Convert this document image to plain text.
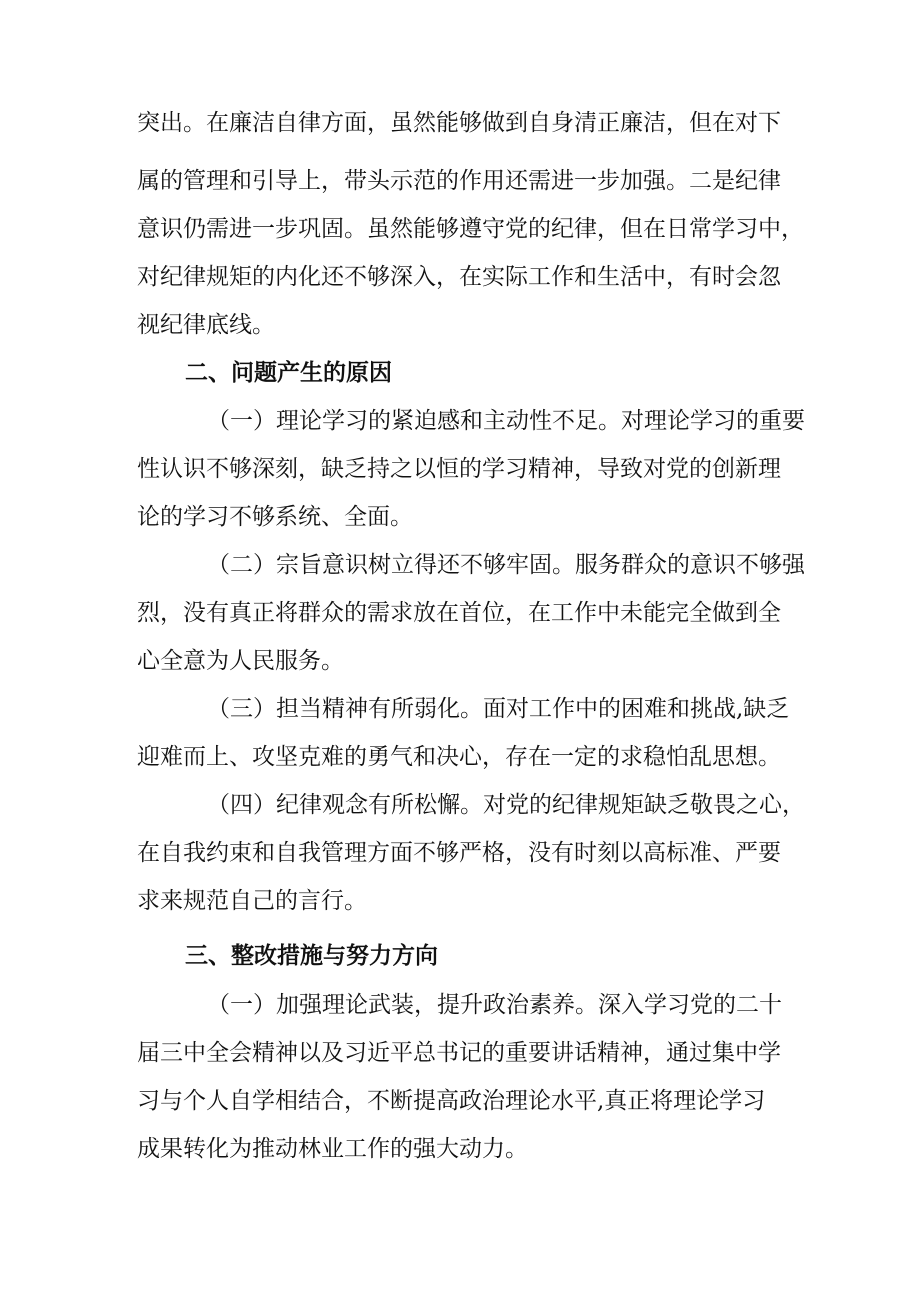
突出。在廉洁自律方面，虽然能够做到自身清正廉洁，但在对下
属的管理和引导上，带头示范的作用还需进一步加强。二是纪律
意识仍需进一步巩固。虽然能够遵守党的纪律，但在日常学习中，
对纪律规矩的内化还不够深入，在实际工作和生活中，有时会忽
视纪律底线。
二、问题产生的原因
（一）理论学习的紧迫感和主动性不足。对理论学习的重要
性认识不够深刻，缺乏持之以恒的学习精神，导致对党的创新理
论的学习不够系统、全面。
（二）宗旨意识树立得还不够牢固。服务群众的意识不够强
烈，没有真正将群众的需求放在首位，在工作中未能完全做到全
心全意为人民服务。
（三）担当精神有所弱化。面对工作中的困难和挑战,缺乏
迎难而上、攻坚克难的勇气和决心，存在一定的求稳怕乱思想。
（四）纪律观念有所松懈。对党的纪律规矩缺乏敬畏之心，
在自我约束和自我管理方面不够严格，没有时刻以高标准、严要
求来规范自己的言行。
三、整改措施与努力方向
（一）加强理论武装，提升政治素养。深入学习党的二十
届三中全会精神以及习近平总书记的重要讲话精神，通过集中学
习与个人自学相结合，不断提高政治理论水平,真正将理论学习
成果转化为推动林业工作的强大动力。
